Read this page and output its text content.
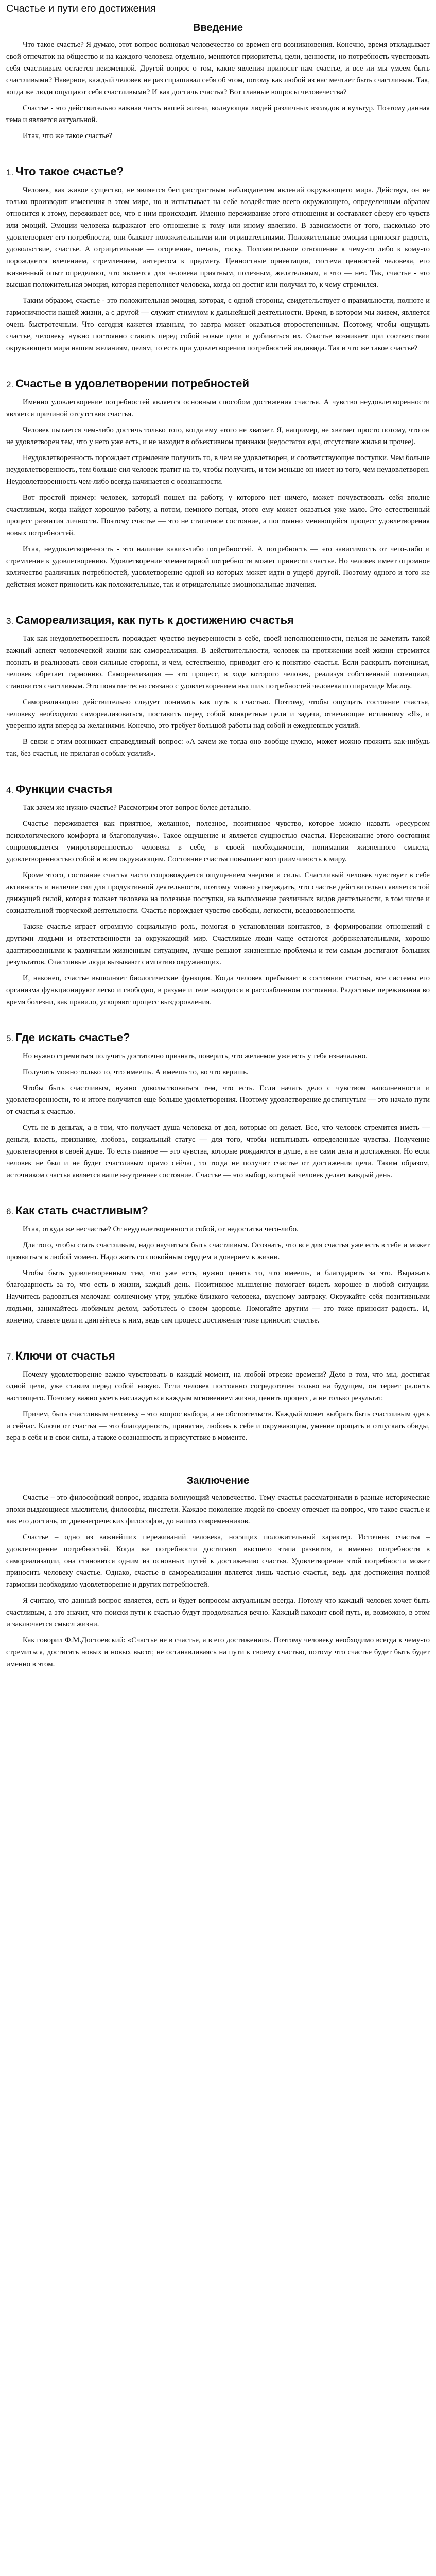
Счастье и пути его достижения
Введение

Что такое счастье? Я думаю, этот вопрос волновал человечество со времен его возникновения. Конечно, время откладывает свой отпечаток на общество и на каждого человека отдельно, меняются приоритеты, цели, ценности, но потребность чувствовать себя счастливым остается неизменной. Другой вопрос о том, какие явления приносят нам счастье, и все ли мы умеем быть счастливыми? Наверное, каждый человек не раз спрашивал себя об этом, потому как любой из нас мечтает быть счастливым. Так, когда же люди ощущают себя счастливыми? И как достичь счастья? Вот главные вопросы человечества?

Счастье - это действительно важная часть нашей жизни, волнующая людей различных взглядов и культур. Поэтому данная тема и является актуальной.

Итак, что же такое счастье?

1. Что такое счастье?

Человек, как живое существо, не является беспристрастным наблюдателем явлений окружающего мира. Действуя, он не только производит изменения в этом мире, но и испытывает на себе воздействие всего окружающего, определенным образом относится к этому, переживает все, что с ним происходит. Именно переживание этого отношения и составляет сферу его чувств или эмоций. Эмоции человека выражают его отношение к тому или иному явлению. В зависимости от того, насколько это удовлетворяет его потребности, они бывают положительными или отрицательными. Положительные эмоции приносят радость, удовольствие, счастье. А отрицательные — огорчение, печаль, тоску. Положительное отношение к чему-то либо к кому-то порождается влечением, стремлением, интересом к предмету. Ценностные ориентации, система ценностей человека, его жизненный опыт определяют, что является для человека приятным, полезным, желательным, а что — нет. Так, счастье - это высшая положительная эмоция, которая переполняет человека, когда он достиг или получил то, к чему стремился.

Таким образом, счастье - это положительная эмоция, которая, с одной стороны, свидетельствует о правильности, полноте и гармоничности нашей жизни, а с другой — служит стимулом к дальнейшей деятельности. Время, в котором мы живем, является очень быстротечным. Что сегодня кажется главным, то завтра может оказаться второстепенным. Поэтому, чтобы ощущать счастье, человеку нужно постоянно ставить перед собой новые цели и добиваться их. Счастье возникает при соответствии окружающего мира нашим желаниям, целям, то есть при удовлетворении потребностей индивида. Так и что же такое счастье?

2. Счастье в удовлетворении потребностей

Именно удовлетворение потребностей является основным способом достижения счастья. А чувство неудовлетворенности является причиной отсутствия счастья.

Человек пытается чем-либо достичь только того, когда ему этого не хватает. Я, например, не хватает просто потому, что он не удовлетворен тем, что у него уже есть, и не находит в объективном признаки (недостаток еды, отсутствие жилья и прочее).

Неудовлетворенность порождает стремление получить то, в чем не удовлетворен, и соответствующие поступки. Чем больше неудовлетворенность, тем больше сил человек тратит на то, чтобы получить, и тем меньше он имеет из того, чем неудовлетворен. Неудовлетворенность чем-либо всегда начинается с осознанности.

Вот простой пример: человек, который пошел на работу, у которого нет ничего, может почувствовать себя вполне счастливым, когда найдет хорошую работу, а потом, немного погодя, этого ему может оказаться уже мало. Это естественный процесс развития личности. Поэтому счастье — это не статичное состояние, а постоянно меняющийся процесс удовлетворения новых потребностей.

Итак, неудовлетворенность - это наличие каких-либо потребностей. А потребность — это зависимость от чего-либо и стремление к удовлетворению. Удовлетворение элементарной потребности может принести счастье. Но человек имеет огромное количество различных потребностей, удовлетворение одной из которых может идти в ущерб другой. Поэтому одного и того же действия может приносить как положительные, так и отрицательные эмоциональные значения.

3. Самореализация, как путь к достижению счастья

Так как неудовлетворенность порождает чувство неуверенности в себе, своей неполноценности, нельзя не заметить такой важный аспект человеческой жизни как самореализация. В действительности, человек на протяжении всей жизни стремится познать и реализовать свои сильные стороны, и чем, естественно, приводит его к понятию счастья. Если раскрыть потенциал, человек обретает гармонию. Самореализация — это процесс, в ходе которого человек, реализуя собственный потенциал, становится счастливым. Это понятие тесно связано с удовлетворением высших потребностей человека по пирамиде Маслоу.

Самореализацию действительно следует понимать как путь к счастью. Поэтому, чтобы ощущать состояние счастья, человеку необходимо самореализоваться, поставить перед собой конкретные цели и задачи, отвечающие истинному «Я», и уверенно идти вперед за желаниями. Конечно, это требует большой работы над собой и ежедневных усилий.

В связи с этим возникает справедливый вопрос: «А зачем же тогда оно вообще нужно, может можно прожить как-нибудь так, без счастья, не прилагая особых усилий».

4. Функции счастья

Так зачем же нужно счастье? Рассмотрим этот вопрос более детально.

Счастье переживается как приятное, желанное, полезное, позитивное чувство, которое можно назвать «ресурсом психологического комфорта и благополучия». Такое ощущение и является сущностью счастья. Переживание этого состояния сопровождается умиротворенностью человека в себе, в своей необходимости, понимании жизненного смысла, удовлетворенностью собой и всем окружающим. Состояние счастья повышает восприимчивость к миру.

Кроме этого, состояние счастья часто сопровождается ощущением энергии и силы. Счастливый человек чувствует в себе активность и наличие сил для продуктивной деятельности, поэтому можно утверждать, что счастье действительно является той движущей силой, которая толкает человека на полезные поступки, на выполнение различных видов деятельности, в том числе и созидательной творческой деятельности. Счастье порождает чувство свободы, легкости, вседозволенности.

Также счастье играет огромную социальную роль, помогая в установлении контактов, в формировании отношений с другими людьми и ответственности за окружающий мир. Счастливые люди чаще остаются доброжелательными, хорошо адаптированными к различным жизненным ситуациям, лучше решают жизненные проблемы и тем самым достигают больших результатов. Счастливые люди вызывают симпатию окружающих.

И, наконец, счастье выполняет биологические функции. Когда человек пребывает в состоянии счастья, все системы его организма функционируют легко и свободно, в разуме и теле находятся в расслабленном состоянии. Радостные переживания во время болезни, как правило, ускоряют процесс выздоровления.

5. Где искать счастье?

Но нужно стремиться получить достаточно признать, поверить, что желаемое уже есть у тебя изначально.

Получить можно только то, что имеешь. А имеешь то, во что веришь.

Чтобы быть счастливым, нужно довольствоваться тем, что есть. Если начать дело с чувством наполненности и удовлетворенности, то и итоге получится еще больше удовлетворения. Поэтому удовлетворение достигнутым — это начало пути от счастья к счастью.

Суть не в деньгах, а в том, что получает душа человека от дел, которые он делает. Все, что человек стремится иметь — деньги, власть, признание, любовь, социальный статус — для того, чтобы испытывать определенные чувства. Получение удовлетворения в своей душе. То есть главное — это чувства, которые рождаются в душе, а не сами дела и достижения. Но если человек не был и не будет счастливым прямо сейчас, то тогда не получит счастье от достижения цели. Таким образом, источником счастья является ваше внутреннее состояние. Счастье — это выбор, который человек делает каждый день.

6. Как стать счастливым?

Итак, откуда же несчастье? От неудовлетворенности собой, от недостатка чего-либо.

Для того, чтобы стать счастливым, надо научиться быть счастливым. Осознать, что все для счастья уже есть в тебе и может проявиться в любой момент. Надо жить со спокойным сердцем и доверием к жизни.

Чтобы быть удовлетворенным тем, что уже есть, нужно ценить то, что имеешь, и благодарить за это. Выражать благодарность за то, что есть в жизни, каждый день. Позитивное мышление помогает видеть хорошее в любой ситуации. Научитесь радоваться мелочам: солнечному утру, улыбке близкого человека, вкусному завтраку. Окружайте себя позитивными людьми, занимайтесь любимым делом, заботьтесь о своем здоровье. Помогайте другим — это тоже приносит радость. И, конечно, ставьте цели и двигайтесь к ним, ведь сам процесс достижения тоже приносит счастье.

7. Ключи от счастья

Почему удовлетворение важно чувствовать в каждый момент, на любой отрезке времени? Дело в том, что мы, достигая одной цели, уже ставим перед собой новую. Если человек постоянно сосредоточен только на будущем, он теряет радость настоящего. Поэтому важно уметь наслаждаться каждым мгновением жизни, ценить процесс, а не только результат.

Причем, быть счастливым человеку – это вопрос выбора, а не обстоятельств. Каждый может выбрать быть счастливым здесь и сейчас. Ключи от счастья — это благодарность, принятие, любовь к себе и окружающим, умение прощать и отпускать обиды, вера в себя и в свои силы, а также осознанность и присутствие в моменте.

Заключение

Счастье – это философский вопрос, издавна волнующий человечество. Тему счастья рассматривали в разные исторические эпохи выдающиеся мыслители, философы, писатели. Каждое поколение людей по-своему отвечает на вопрос, что такое счастье и как его достичь, от древнегреческих философов, до наших современников.

Счастье – одно из важнейших переживаний человека, носящих положительный характер. Источник счастья – удовлетворение потребностей. Когда же потребности достигают высшего этапа развития, а именно потребности в самореализации, она становится одним из основных путей к достижению счастья. Удовлетворение этой потребности может приносить человеку счастье. Однако, счастье в самореализации является лишь частью счастья, ведь для достижения полной гармонии необходимо удовлетворение и других потребностей.

Я считаю, что данный вопрос является, есть и будет вопросом актуальным всегда. Потому что каждый человек хочет быть счастливым, а это значит, что поиски пути к счастью будут продолжаться вечно. Каждый находит свой путь, и, возможно, в этом и заключается смысл жизни.

Как говорил Ф.М.Достоевский: «Счастье не в счастье, а в его достижении». Поэтому человеку необходимо всегда к чему-то стремиться, достигать новых и новых высот, не останавливаясь на пути к своему счастью, потому что счастье будет быть будет именно в этом.
